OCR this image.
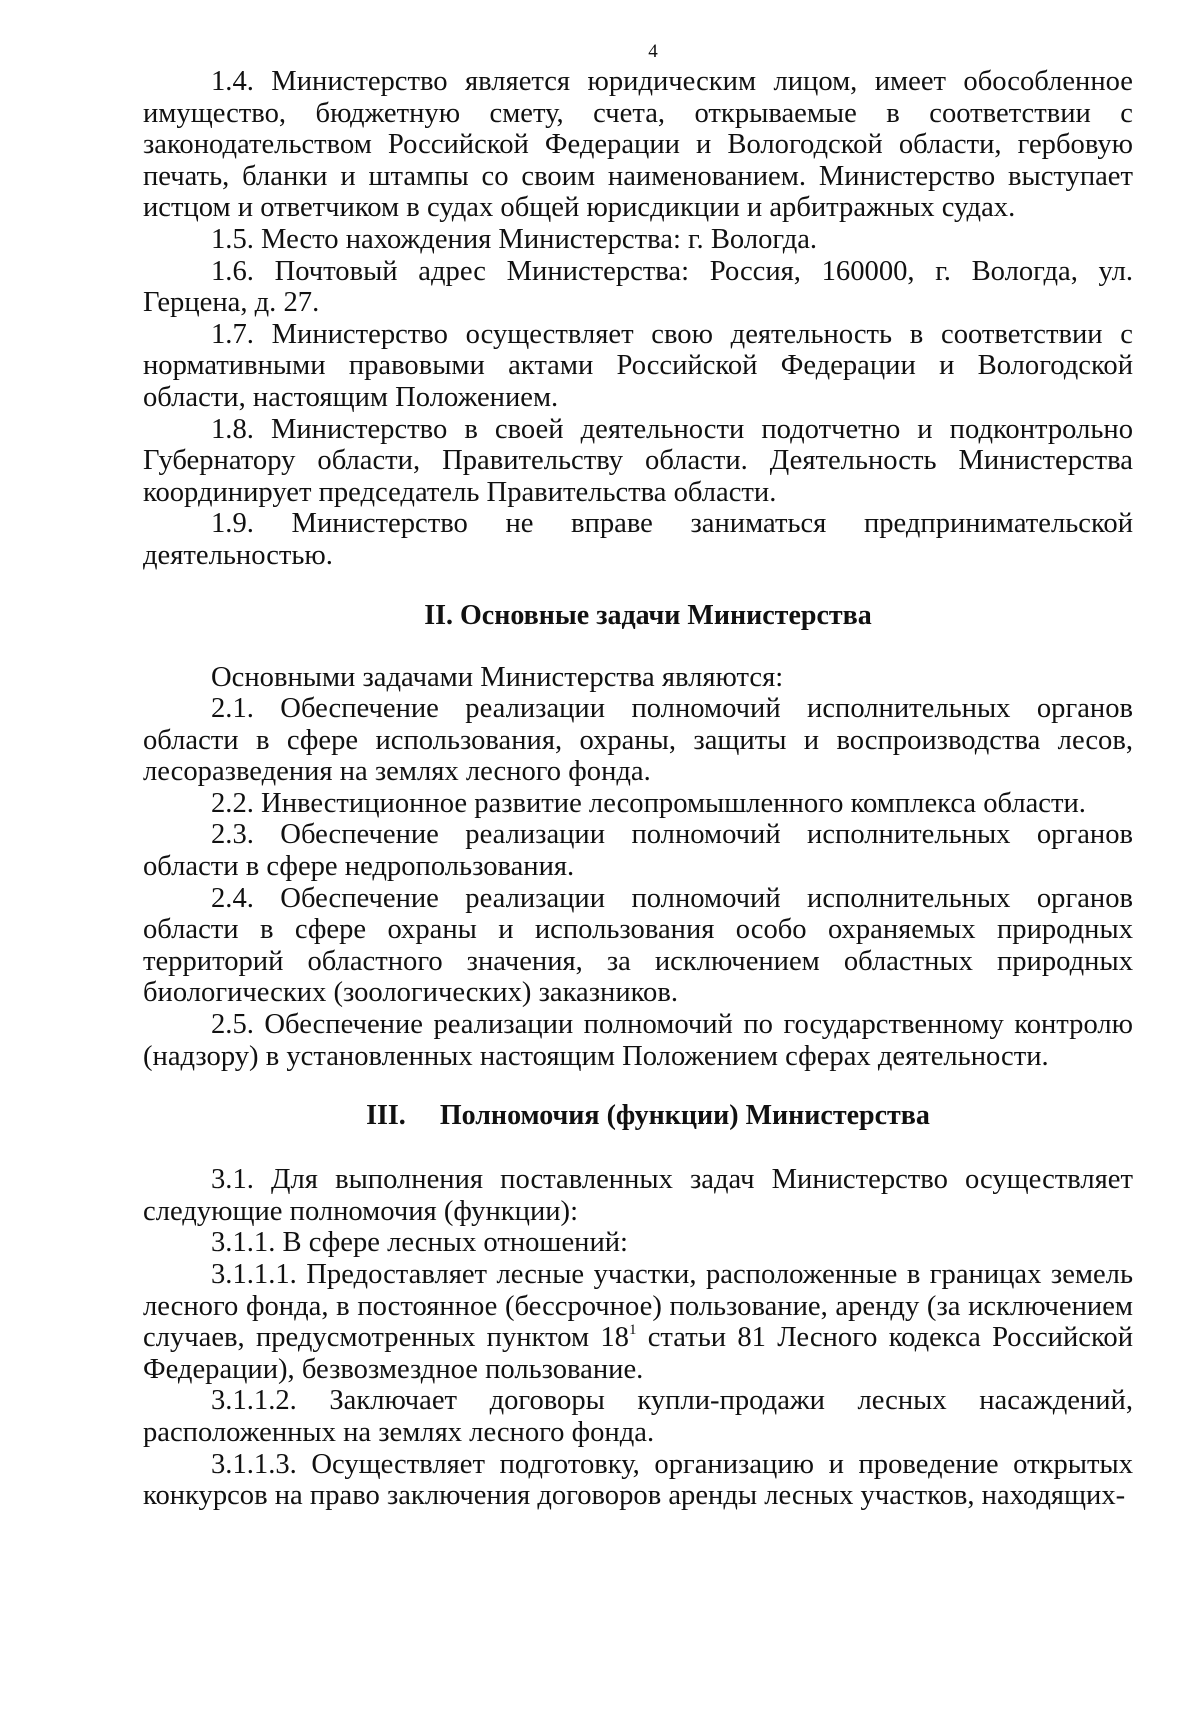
4

1.4. Министерство является юридическим лицом, имеет обособленное имущество, бюджетную смету, счета, открываемые в соответствии с законодательством Российской Федерации и Вологодской области, гербовую печать, бланки и штампы со своим наименованием. Министерство выступает истцом и ответчиком в судах общей юрисдикции и арбитражных судах.

1.5. Место нахождения Министерства: г. Вологда.

1.6. Почтовый адрес Министерства: Россия, 160000, г. Вологда, ул. Герцена, д. 27.

1.7. Министерство осуществляет свою деятельность в соответствии с нормативными правовыми актами Российской Федерации и Вологодской области, настоящим Положением.

1.8. Министерство в своей деятельности подотчетно и подконтрольно Губернатору области, Правительству области. Деятельность Министерства координирует председатель Правительства области.

1.9. Министерство не вправе заниматься предпринимательской деятельностью.

II. Основные задачи Министерства

Основными задачами Министерства являются:

2.1. Обеспечение реализации полномочий исполнительных органов области в сфере использования, охраны, защиты и воспроизводства лесов, лесоразведения на землях лесного фонда.

2.2. Инвестиционное развитие лесопромышленного комплекса области.

2.3. Обеспечение реализации полномочий исполнительных органов области в сфере недропользования.

2.4. Обеспечение реализации полномочий исполнительных органов области в сфере охраны и использования особо охраняемых природных территорий областного значения, за исключением областных природных биологических (зоологических) заказников.

2.5. Обеспечение реализации полномочий по государственному контролю (надзору) в установленных настоящим Положением сферах деятельности.

III. Полномочия (функции) Министерства

3.1. Для выполнения поставленных задач Министерство осуществляет следующие полномочия (функции):

3.1.1. В сфере лесных отношений:

3.1.1.1. Предоставляет лесные участки, расположенные в границах земель лесного фонда, в постоянное (бессрочное) пользование, аренду (за исключением случаев, предусмотренных пунктом $18^1$ статьи 81 Лесного кодекса Российской Федерации), безвозмездное пользование.

3.1.1.2. Заключает договоры купли-продажи лесных насаждений, расположенных на землях лесного фонда.

3.1.1.3. Осуществляет подготовку, организацию и проведение открытых конкурсов на право заключения договоров аренды лесных участков, находящих-
